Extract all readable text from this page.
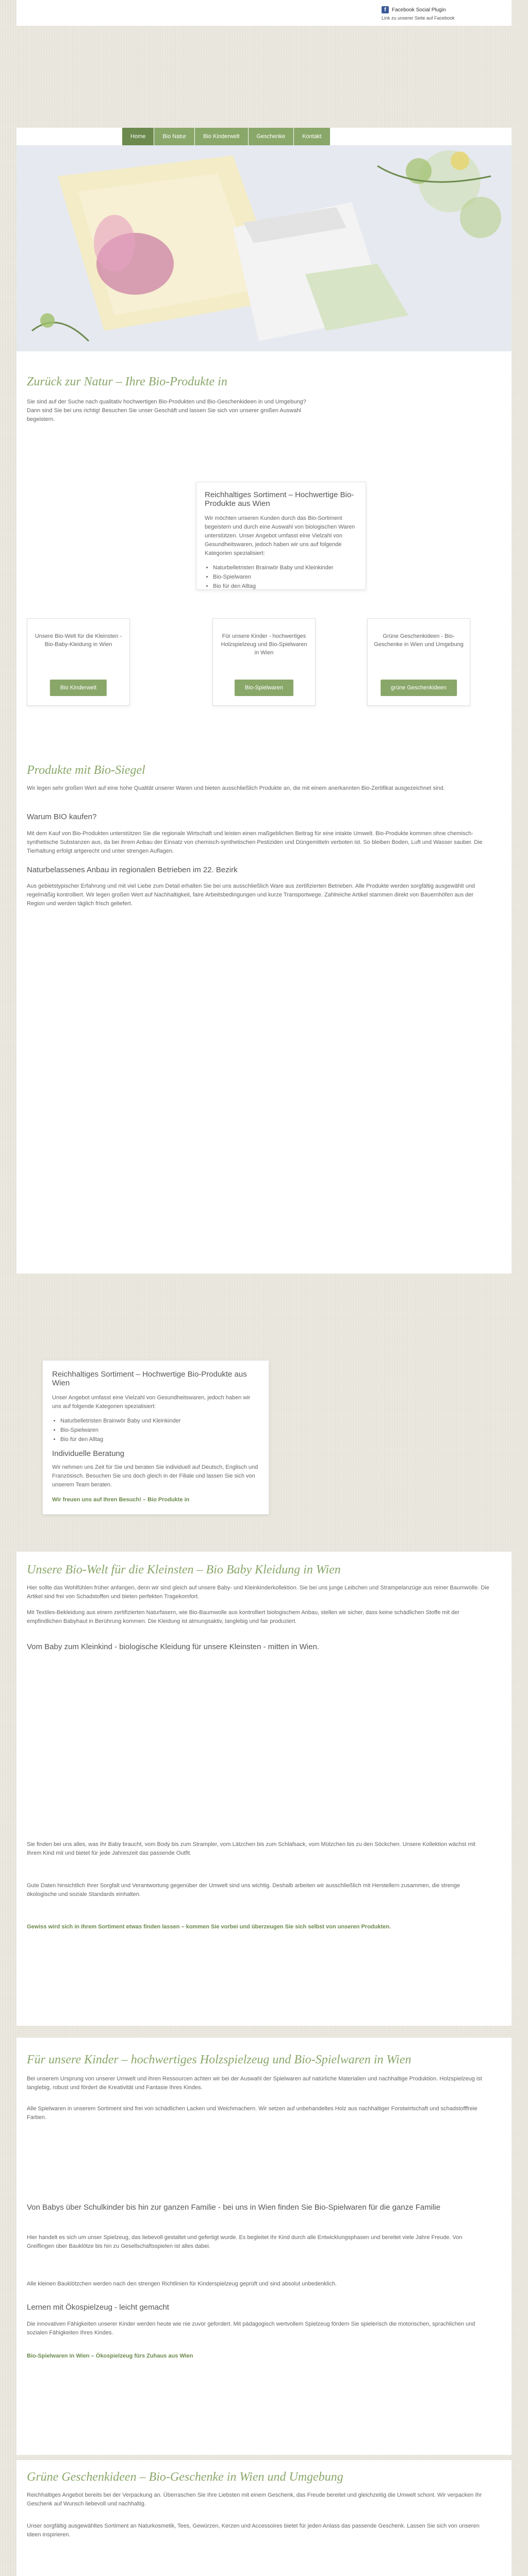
f	Facebook Social Plugin
Link zu unserer Seite auf Facebook
Home	Bio Natur	Bio Kinderwelt	Geschenke	Kontakt
Zurück zur Natur – Ihre Bio-Produkte in

Sie sind auf der Suche nach qualitativ hochwertigen Bio-Produkten und Bio-Geschenkideen in und Umgebung? Dann sind Sie bei uns richtig! Besuchen Sie unser Geschäft und lassen Sie sich von unserer großen Auswahl begeistern.

Reichhaltiges Sortiment – Hochwertige Bio-Produkte aus Wien

Wir möchten unseren Kunden durch das Bio-Sortiment begeistern und durch eine Auswahl von biologischen Waren unterstützen. Unser Angebot umfasst eine Vielzahl von Gesundheitswaren, jedoch haben wir uns auf folgende Kategorien spezialisiert:

• Naturbelletristen Brainwör Baby und Kleinkinder
• Bio-Spielwaren
• Bio für den Alltag
Unsere Bio-Welt für die Kleinsten - Bio-Baby-Kleidung in Wien
Bio Kinderwelt
Für unsere Kinder - hochwertiges Holzspielzeug und Bio-Spielwaren in Wien
Bio-Spielwaren
Grüne Geschenkideen - Bio-Geschenke in Wien und Umgebung
grüne Geschenkideen
Produkte mit Bio-Siegel

Wir legen sehr großen Wert auf eine hohe Qualität unserer Waren und bieten ausschließlich Produkte an, die mit einem anerkannten Bio-Zertifikat ausgezeichnet sind.

Warum BIO kaufen?

Mit dem Kauf von Bio-Produkten unterstützen Sie die regionale Wirtschaft und leisten einen maßgeblichen Beitrag für eine intakte Umwelt. Bio-Produkte kommen ohne chemisch-synthetische Substanzen aus, da bei ihrem Anbau der Einsatz von chemisch-synthetischen Pestiziden und Düngemitteln verboten ist. So bleiben Boden, Luft und Wasser sauber. Die Tierhaltung erfolgt artgerecht und unter strengen Auflagen.

Naturbelassenes Anbau in regionalen Betrieben im 22. Bezirk

Aus gebietstypischer Erfahrung und mit viel Liebe zum Detail erhalten Sie bei uns ausschließlich Ware aus zertifizierten Betrieben. Alle Produkte werden sorgfältig ausgewählt und regelmäßig kontrolliert. Wir legen großen Wert auf Nachhaltigkeit, faire Arbeitsbedingungen und kurze Transportwege. Zahlreiche Artikel stammen direkt von Bauernhöfen aus der Region und werden täglich frisch geliefert.

Reichhaltiges Sortiment – Hochwertige Bio-Produkte aus Wien

Unser Angebot umfasst eine Vielzahl von Gesundheitswaren, jedoch haben wir uns auf folgende Kategorien spezialisiert:

• Naturbelletristen Brainwör Baby und Kleinkinder
• Bio-Spielwaren
• Bio für den Alltag
Individuelle Beratung

Wir nehmen uns Zeit für Sie und beraten Sie individuell auf Deutsch, Englisch und Französisch. Besuchen Sie uns doch gleich in der Filiale und lassen Sie sich von unserem Team beraten.

Wir freuen uns auf Ihren Besuch! – Bio Produkte in
Unsere Bio-Welt für die Kleinsten – Bio Baby Kleidung in Wien

Hier sollte das Wohlfühlen früher anfangen, denn wir sind gleich auf unsere Baby- und Kleinkinderkollektion. Sie bei uns junge Leibchen und Strampelanzüge aus reiner Baumwolle. Die Artikel sind frei von Schadstoffen und bieten perfekten Tragekomfort.

Mit Textiles-Bekleidung aus einem zertifizierten Naturfasern, wie Bio-Baumwolle aus kontrolliert biologischem Anbau, stellen wir sicher, dass keine schädlichen Stoffe mit der empfindlichen Babyhaut in Berührung kommen. Die Kleidung ist atmungsaktiv, langlebig und fair produziert.

Vom Baby zum Kleinkind - biologische Kleidung für unsere Kleinsten - mitten in Wien.

Sie finden bei uns alles, was Ihr Baby braucht, vom Body bis zum Strampler, vom Lätzchen bis zum Schlafsack, vom Mützchen bis zu den Söckchen. Unsere Kollektion wächst mit Ihrem Kind mit und bietet für jede Jahreszeit das passende Outfit.

Gute Daten hinsichtlich Ihrer Sorgfalt und Verantwortung gegenüber der Umwelt sind uns wichtig. Deshalb arbeiten wir ausschließlich mit Herstellern zusammen, die strenge ökologische und soziale Standards einhalten.

Gewiss wird sich in Ihrem Sortiment etwas finden lassen – kommen Sie vorbei und überzeugen Sie sich selbst von unseren Produkten.
Für unsere Kinder – hochwertiges Holzspielzeug und Bio-Spielwaren in Wien

Bei unserem Ursprung von unserer Umwelt und ihren Ressourcen achten wir bei der Auswahl der Spielwaren auf natürliche Materialien und nachhaltige Produktion. Holzspielzeug ist langlebig, robust und fördert die Kreativität und Fantasie Ihres Kindes.

Alle Spielwaren in unserem Sortiment sind frei von schädlichen Lacken und Weichmachern. Wir setzen auf unbehandeltes Holz aus nachhaltiger Forstwirtschaft und schadstofffreie Farben.

Von Babys über Schulkinder bis hin zur ganzen Familie - bei uns in Wien finden Sie Bio-Spielwaren für die ganze Familie

Hier handelt es sich um unser Spielzeug, das liebevoll gestaltet und gefertigt wurde. Es begleitet Ihr Kind durch alle Entwicklungsphasen und bereitet viele Jahre Freude. Von Greiflingen über Bauklötze bis hin zu Gesellschaftsspielen ist alles dabei.

Alle kleinen Bauklötzchen werden nach den strengen Richtlinien für Kinderspielzeug geprüft und sind absolut unbedenklich.

Lernen mit Ökospielzeug - leicht gemacht

Die innovativen Fähigkeiten unserer Kinder werden heute wie nie zuvor gefordert. Mit pädagogisch wertvollem Spielzeug fördern Sie spielerisch die motorischen, sprachlichen und sozialen Fähigkeiten Ihres Kindes.

Bio-Spielwaren in Wien – Ökospielzeug fürs Zuhaus aus Wien
Grüne Geschenkideen – Bio-Geschenke in Wien und Umgebung

Reichhaltiges Angebot bereits bei der Verpackung an. Überraschen Sie Ihre Liebsten mit einem Geschenk, das Freude bereitet und gleichzeitig die Umwelt schont. Wir verpacken Ihr Geschenk auf Wunsch liebevoll und nachhaltig.

Unser sorgfältig ausgewähltes Sortiment an Naturkosmetik, Tees, Gewürzen, Kerzen und Accessoires bietet für jeden Anlass das passende Geschenk. Lassen Sie sich von unseren Ideen inspirieren.
